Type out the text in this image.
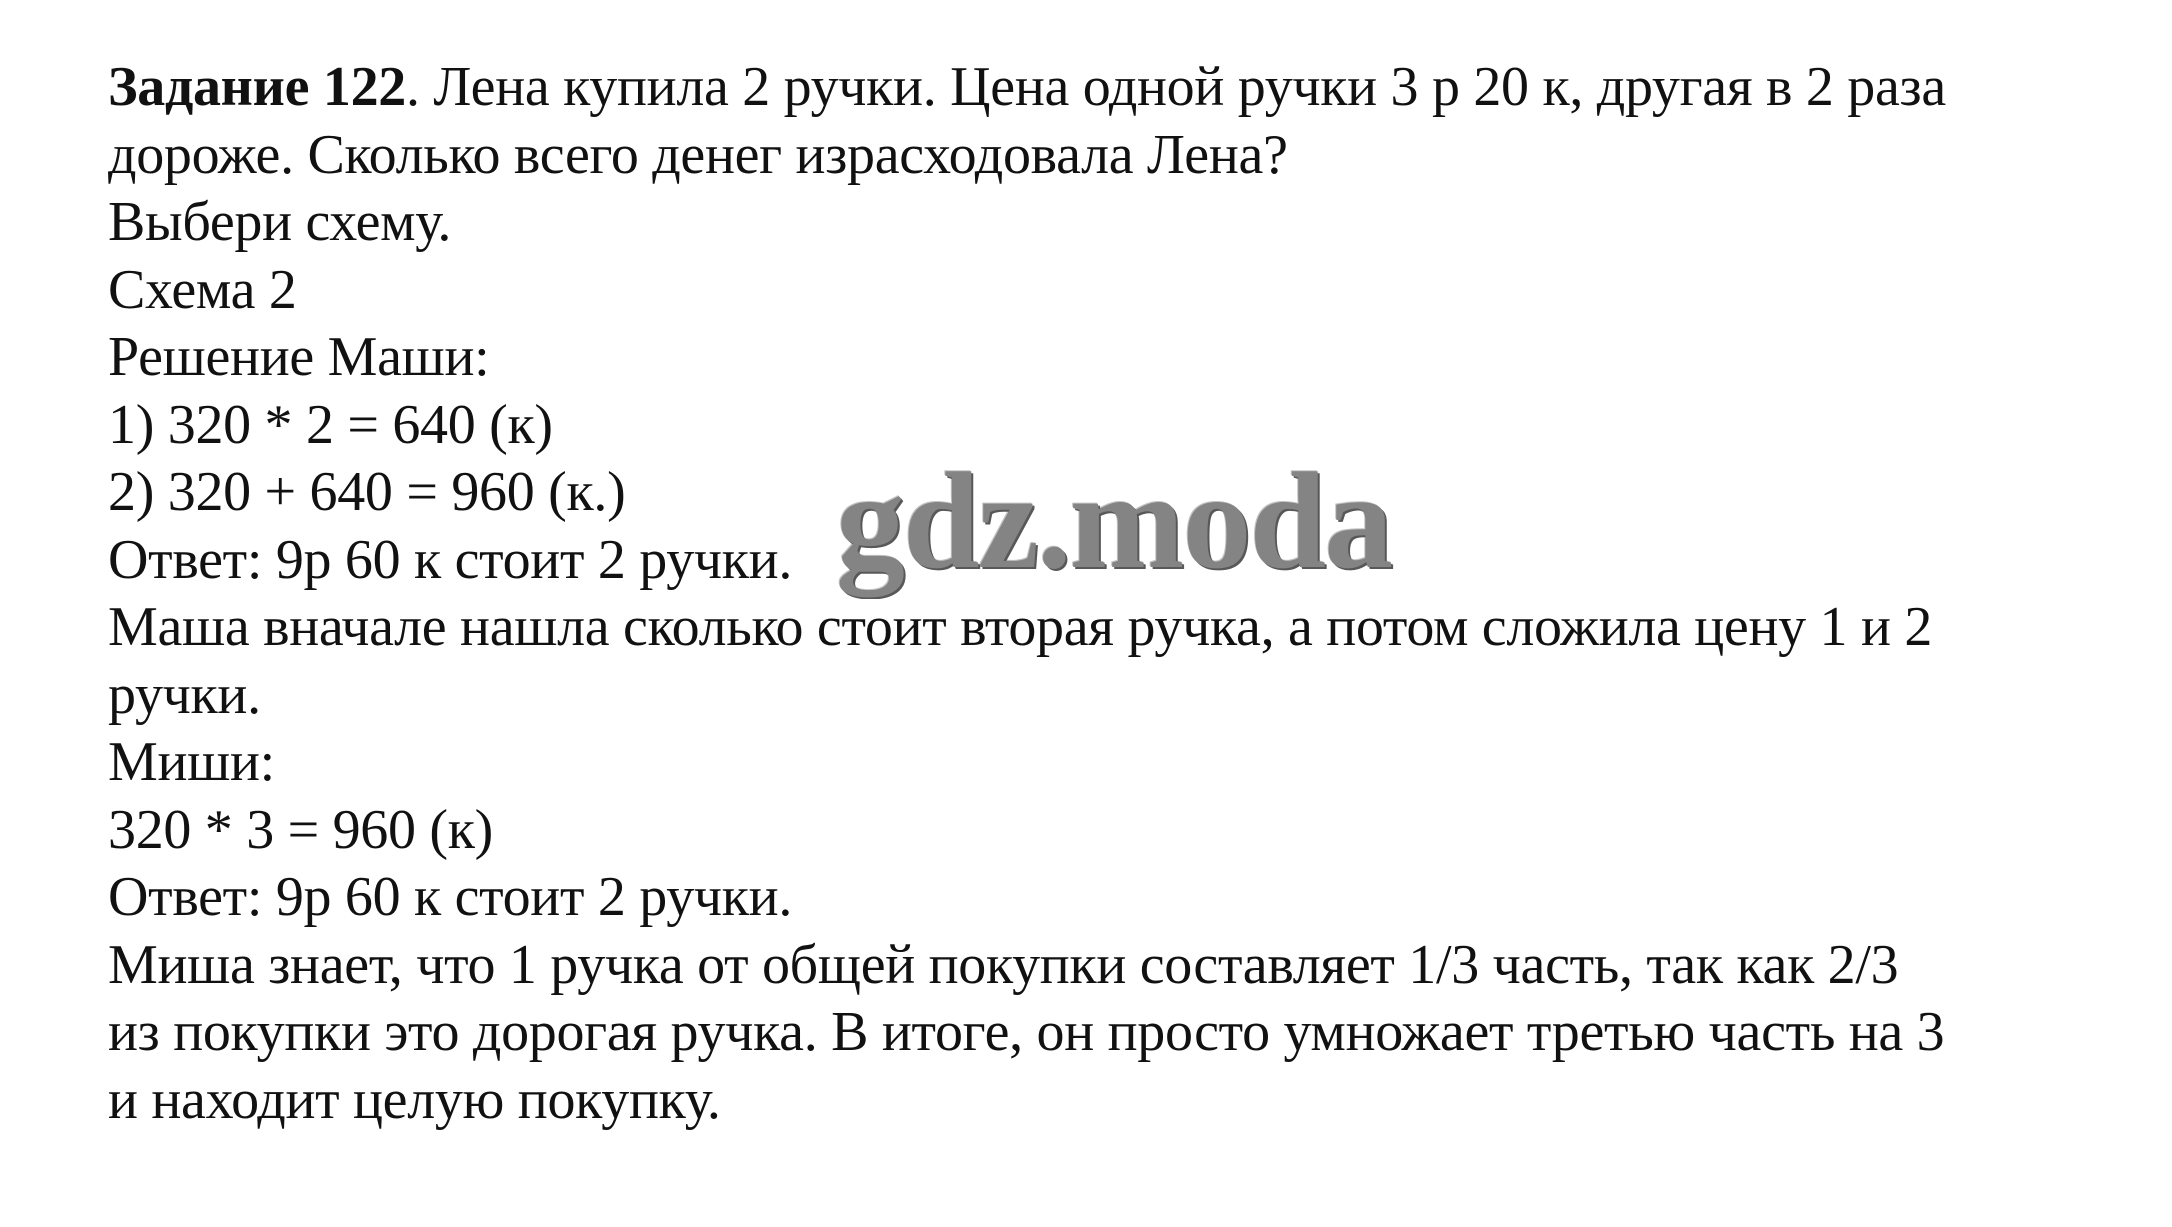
Задание 122. Лена купила 2 ручки. Цена одной ручки 3 р 20 к, другая в 2 раза
дороже. Сколько всего денег израсходовала Лена?
Выбери схему.
Схема 2
Решение Маши:
1) 320 * 2 = 640 (к)
2) 320 + 640 = 960 (к.)
Ответ: 9р 60 к стоит 2 ручки.
Маша вначале нашла сколько стоит вторая ручка, а потом сложила цену 1 и 2
ручки.
Миши:
320 * 3 = 960 (к)
Ответ: 9р 60 к стоит 2 ручки.
Миша знает, что 1 ручка от общей покупки составляет 1/3 часть, так как 2/3
из покупки это дорогая ручка. В итоге, он просто умножает третью часть на 3
и находит целую покупку.
gdz.moda
